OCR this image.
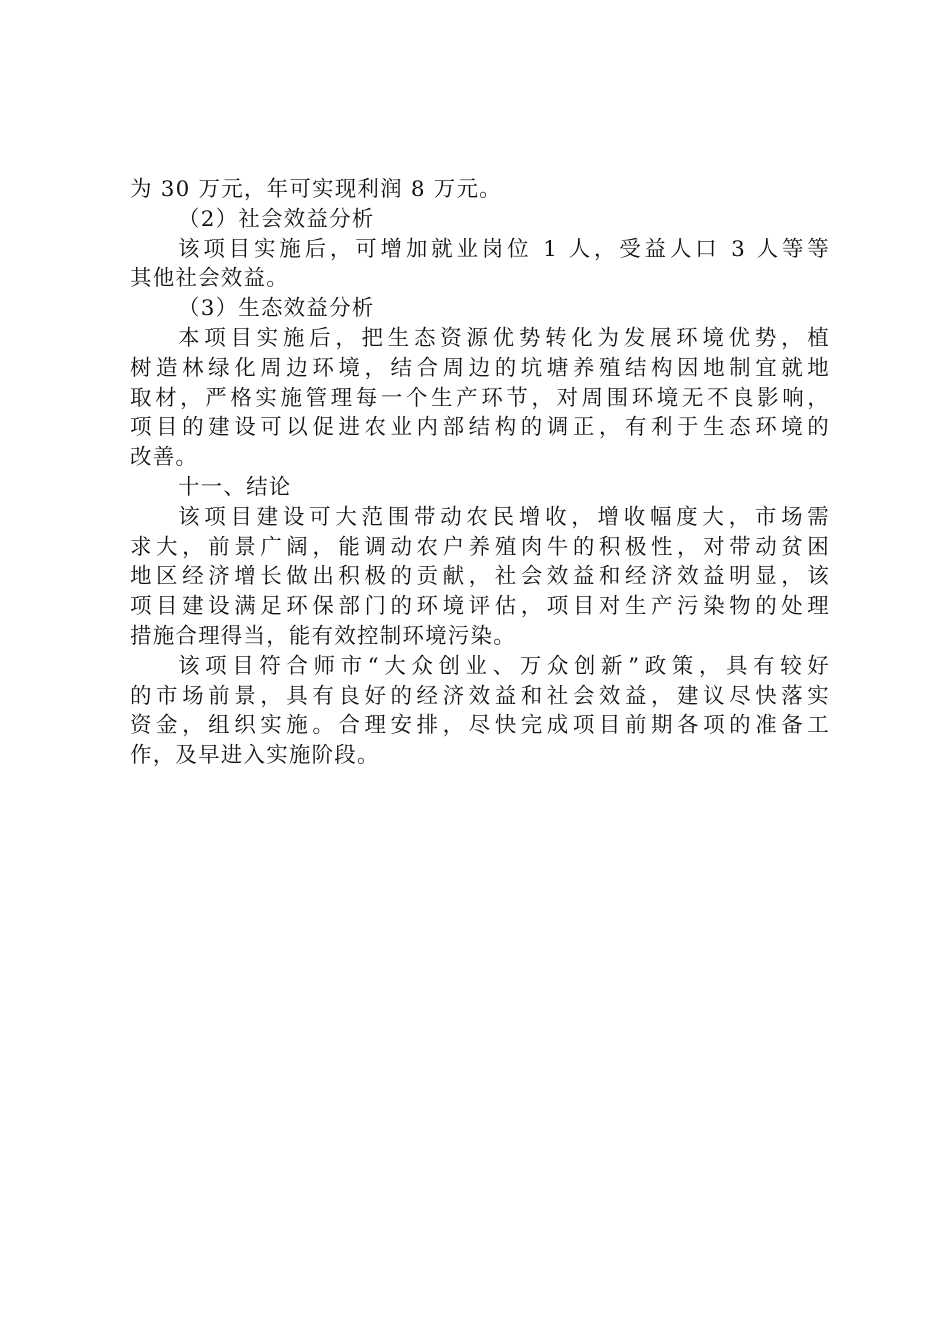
为 30 万元，年可实现利润 8 万元。
（2）社会效益分析
该项目实施后，可增加就业岗位 1 人，受益人口 3 人等等
其他社会效益。
（3）生态效益分析
本项目实施后，把生态资源优势转化为发展环境优势，植
树造林绿化周边环境，结合周边的坑塘养殖结构因地制宜就地
取材，严格实施管理每一个生产环节，对周围环境无不良影响，
项目的建设可以促进农业内部结构的调正，有利于生态环境的
改善。
十一、结论
该项目建设可大范围带动农民增收，增收幅度大，市场需
求大，前景广阔，能调动农户养殖肉牛的积极性，对带动贫困
地区经济增长做出积极的贡献，社会效益和经济效益明显，该
项目建设满足环保部门的环境评估，项目对生产污染物的处理
措施合理得当，能有效控制环境污染。
该项目符合师市“大众创业、万众创新”政策，具有较好
的市场前景，具有良好的经济效益和社会效益，建议尽快落实
资金，组织实施。合理安排，尽快完成项目前期各项的准备工
作，及早进入实施阶段。
